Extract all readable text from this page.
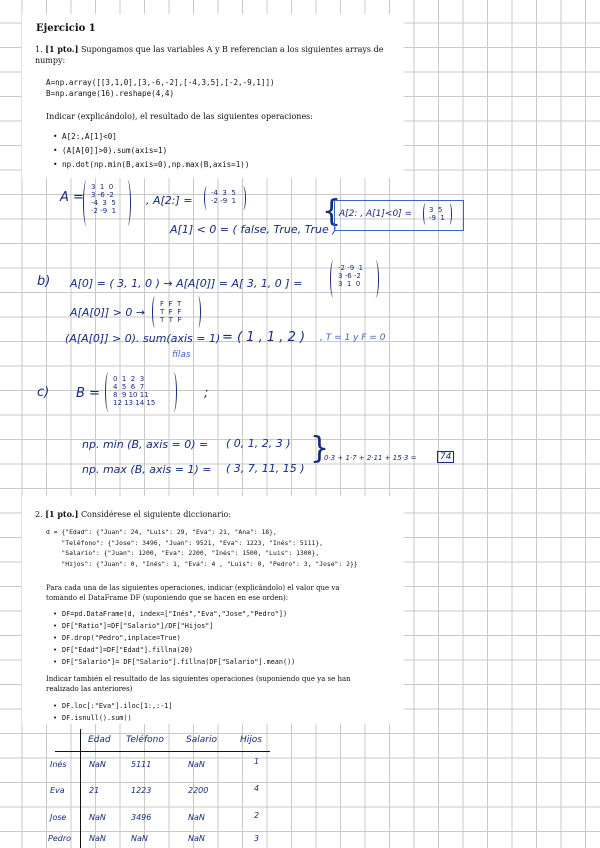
Ejercicio 1
1. [1 pto.] Supongamos que las variables A y B referencian a los siguientes arrays de numpy:
A=np.array([[3,1,0],[3,-6,-2],[-4,3,5],[-2,-9,1]])
B=np.arange(16).reshape(4,4)
Indicar (explicándolo), el resultado de las siguientes operaciones:
• A[2:,A[1]<0]
• (A[A[0]]>0).sum(axis=1)
• np.dot(np.min(B,axis=0),np.max(B,axis=1))
A =
3  1  0
3 -6 -2
-4  3  5
-2 -9  1
, A[2:] =
-4  3  5
-2 -9  1
A[1] < 0 = ( false, True, True )
{
A[2: , A[1]<0] = 3  5
-9  1
b) A[0] = ( 3, 1, 0 ) → A[A[0]] = A[ 3, 1, 0 ] =
-2 -9  1
3 -6 -2
3  1  0
A[A[0]] > 0 →
F  F  T
T  F  F
T  T  F
(A[A[0]] > 0). sum(axis = 1) = ( 1 , 1 , 2 ) , T = 1 y F = 0
filas
c) B =
0  1  2  3
4  5  6  7
8  9 10 11
12 13 14 15
;
np. min (B, axis = 0) = ( 0, 1, 2, 3 )
np. max (B, axis = 1) = ( 3, 7, 11, 15 )
}
0·3 + 1·7 + 2·11 + 15·3 =	74
2. [1 pto.] Considérese el siguiente diccionario:
d = {"Edad": {"Juan": 24, "Luis": 29, "Eva": 21, "Ana": 18},
"Teléfono": {"Jose": 3496, "Juan": 9521, "Eva": 1223, "Inés": 5111},
"Salario": {"Juan": 1200, "Eva": 2200, "Inés": 1500, "Luis": 1300},
"Hijos": {"Juan": 0, "Inés": 1, "Eva": 4 , "Luis": 0, "Pedro": 3, "Jose": 2}}
Para cada una de las siguientes operaciones, indicar (explicándolo) el valor que va
tomando el DataFrame DF (suponiendo que se hacen en ese orden):
• DF=pd.DataFrame(d, index=["Inés","Eva","Jose","Pedro"])
• DF["Ratio"]=DF["Salario"]/DF["Hijos"]
• DF.drop("Pedro",inplace=True)
• DF["Edad"]=DF["Edad"].fillna(20)
• DF["Salario"]= DF["Salario"].fillna(DF["Salario"].mean())
Indicar también el resultado de las siguientes operaciones (suponiendo que ya se han
realizado las anteriores)
• DF.loc[:"Eva"].iloc[1:,:-1]
• DF.isnull().sum()
Edad Teléfono Salario	Hijos
Inés	NaN	5111	NaN	1
Eva	21	1223	2200	4
Jose	NaN	3496	NaN	2
Pedro NaN	NaN	NaN	3
